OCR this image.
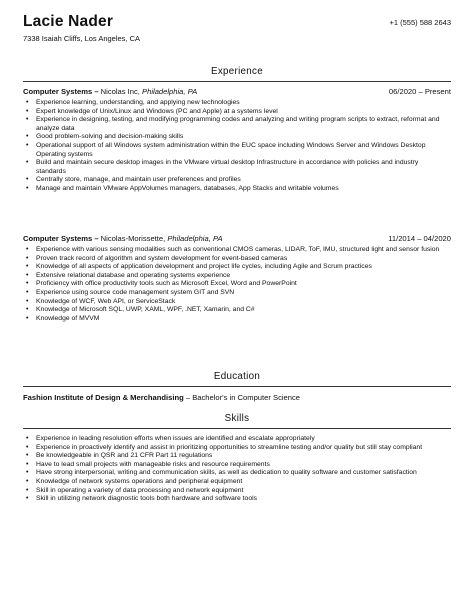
Lacie Nader
7338 Isaiah Cliffs, Los Angeles, CA
+1 (555) 588 2643
Experience
Computer Systems – Nicolas Inc, Philadelphia, PA	06/2020 – Present
• Experience learning, understanding, and applying new technologies
• Expert knowledge of Unix/Linux and Windows (PC and Apple) at a systems level
• Experience in designing, testing, and modifying programming codes and analyzing and writing program scripts to extract, reformat and analyze data
• Good problem-solving and decision-making skills
• Operational support of all Windows system administration within the EUC space including Windows Server and Windows Desktop Operating systems
• Build and maintain secure desktop images in the VMware virtual desktop Infrastructure in accordance with policies and industry standards
• Centrally store, manage, and maintain user preferences and profiles
• Manage and maintain VMware AppVolumes managers, databases, App Stacks and writable volumes
Computer Systems – Nicolas-Morissette, Philadelphia, PA	11/2014 – 04/2020
• Experience with various sensing modalities such as conventional CMOS cameras, LIDAR, ToF, IMU, structured light and sensor fusion
• Proven track record of algorithm and system development for event-based cameras
• Knowledge of all aspects of application development and project life cycles, including Agile and Scrum practices
• Extensive relational database and operating systems experience
• Proficiency with office productivity tools such as Microsoft Excel, Word and PowerPoint
• Experience using source code management system GIT and SVN
• Knowledge of WCF, Web API, or ServiceStack
• Knowledge of Microsoft SQL, UWP, XAML, WPF, .NET, Xamarin, and C#
• Knowledge of MVVM
Education
Fashion Institute of Design & Merchandising – Bachelor's in Computer Science
Skills
• Experience in leading resolution efforts when issues are identified and escalate appropriately
• Experience in proactively identify and assist in prioritizing opportunities to streamline testing and/or quality but still stay compliant
• Be knowledgeable in QSR and 21 CFR Part 11 regulations
• Have to lead small projects with manageable risks and resource requirements
• Have strong interpersonal, writing and communication skills, as well as dedication to quality software and customer satisfaction
• Knowledge of network systems operations and peripheral equipment
• Skill in operating a variety of data processing and network equipment
• Skill in utilizing network diagnostic tools both hardware and software tools
